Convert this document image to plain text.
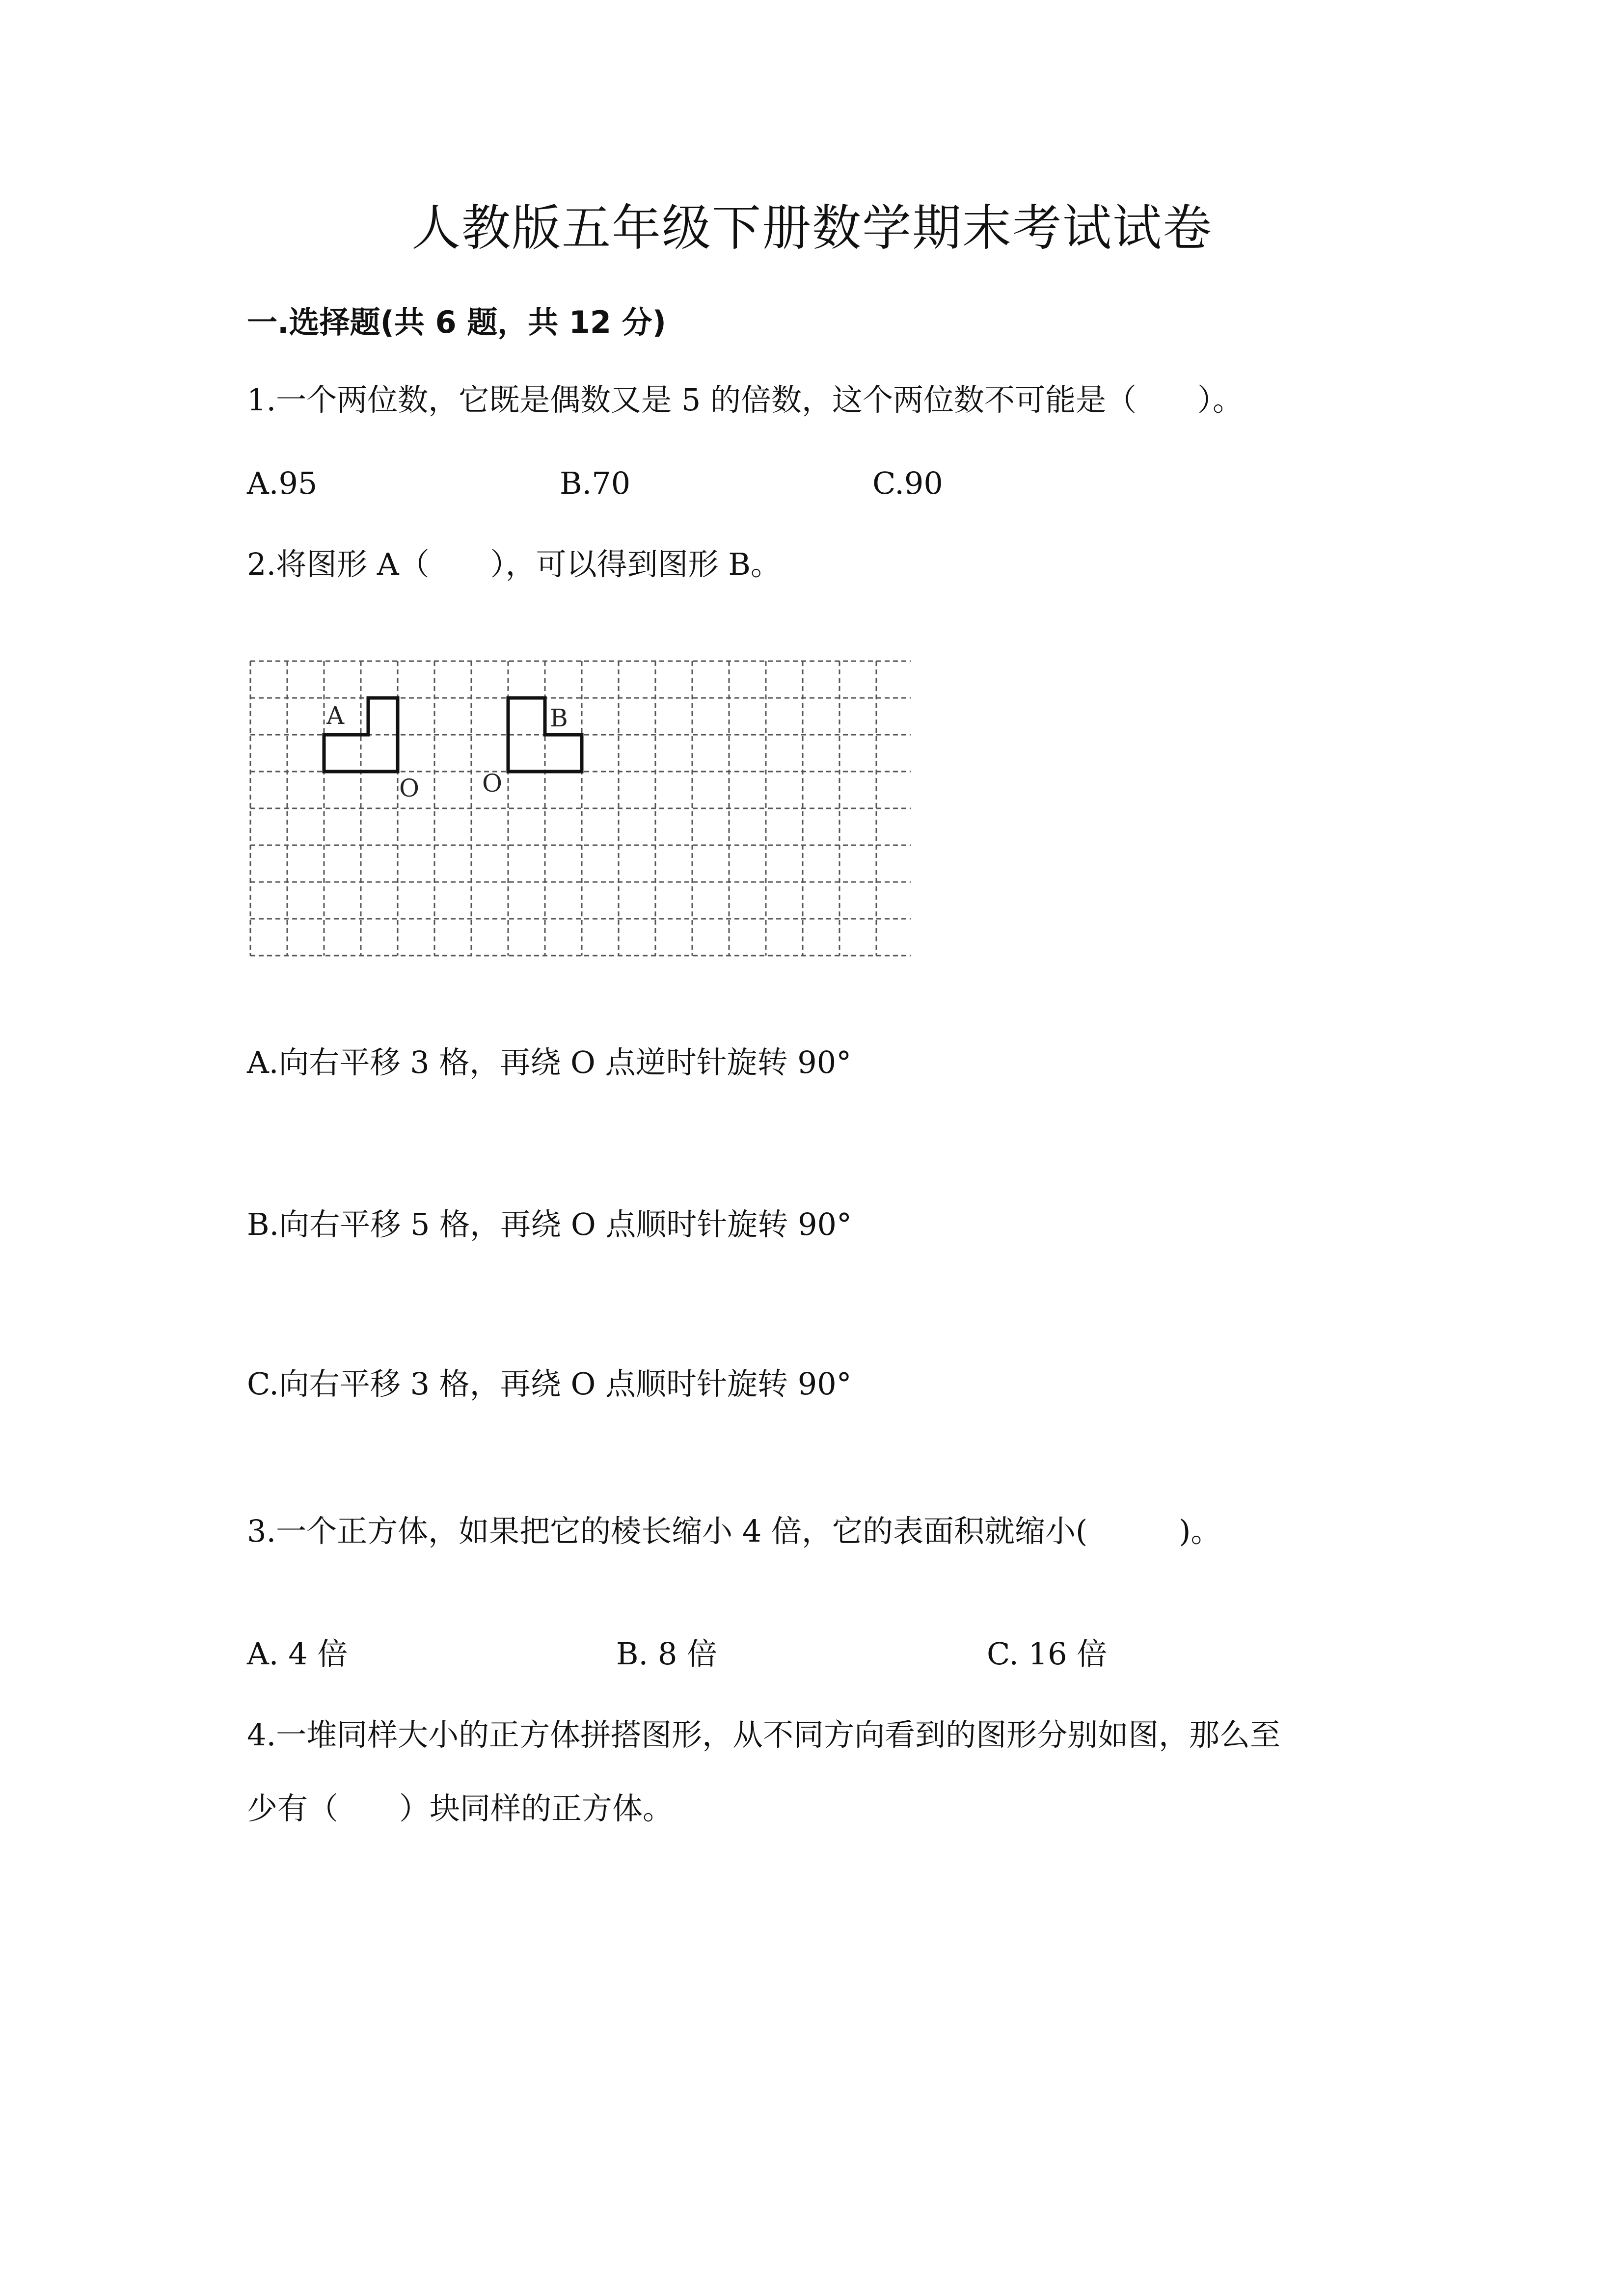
人教版五年级下册数学期末考试试卷
一.选择题(共 6 题，共 12 分)
1.一个两位数，它既是偶数又是 5 的倍数，这个两位数不可能是（　　）。
A.95	B.70	C.90
2.将图形 A（　　），可以得到图形 B。
A	B
O	O
A.向右平移 3 格，再绕 O 点逆时针旋转 90°
B.向右平移 5 格，再绕 O 点顺时针旋转 90°
C.向右平移 3 格，再绕 O 点顺时针旋转 90°
3.一个正方体，如果把它的棱长缩小 4 倍，它的表面积就缩小(　　　)。
A. 4 倍	B. 8 倍	C. 16 倍
4.一堆同样大小的正方体拼搭图形，从不同方向看到的图形分别如图，那么至
少有（　　）块同样的正方体。
